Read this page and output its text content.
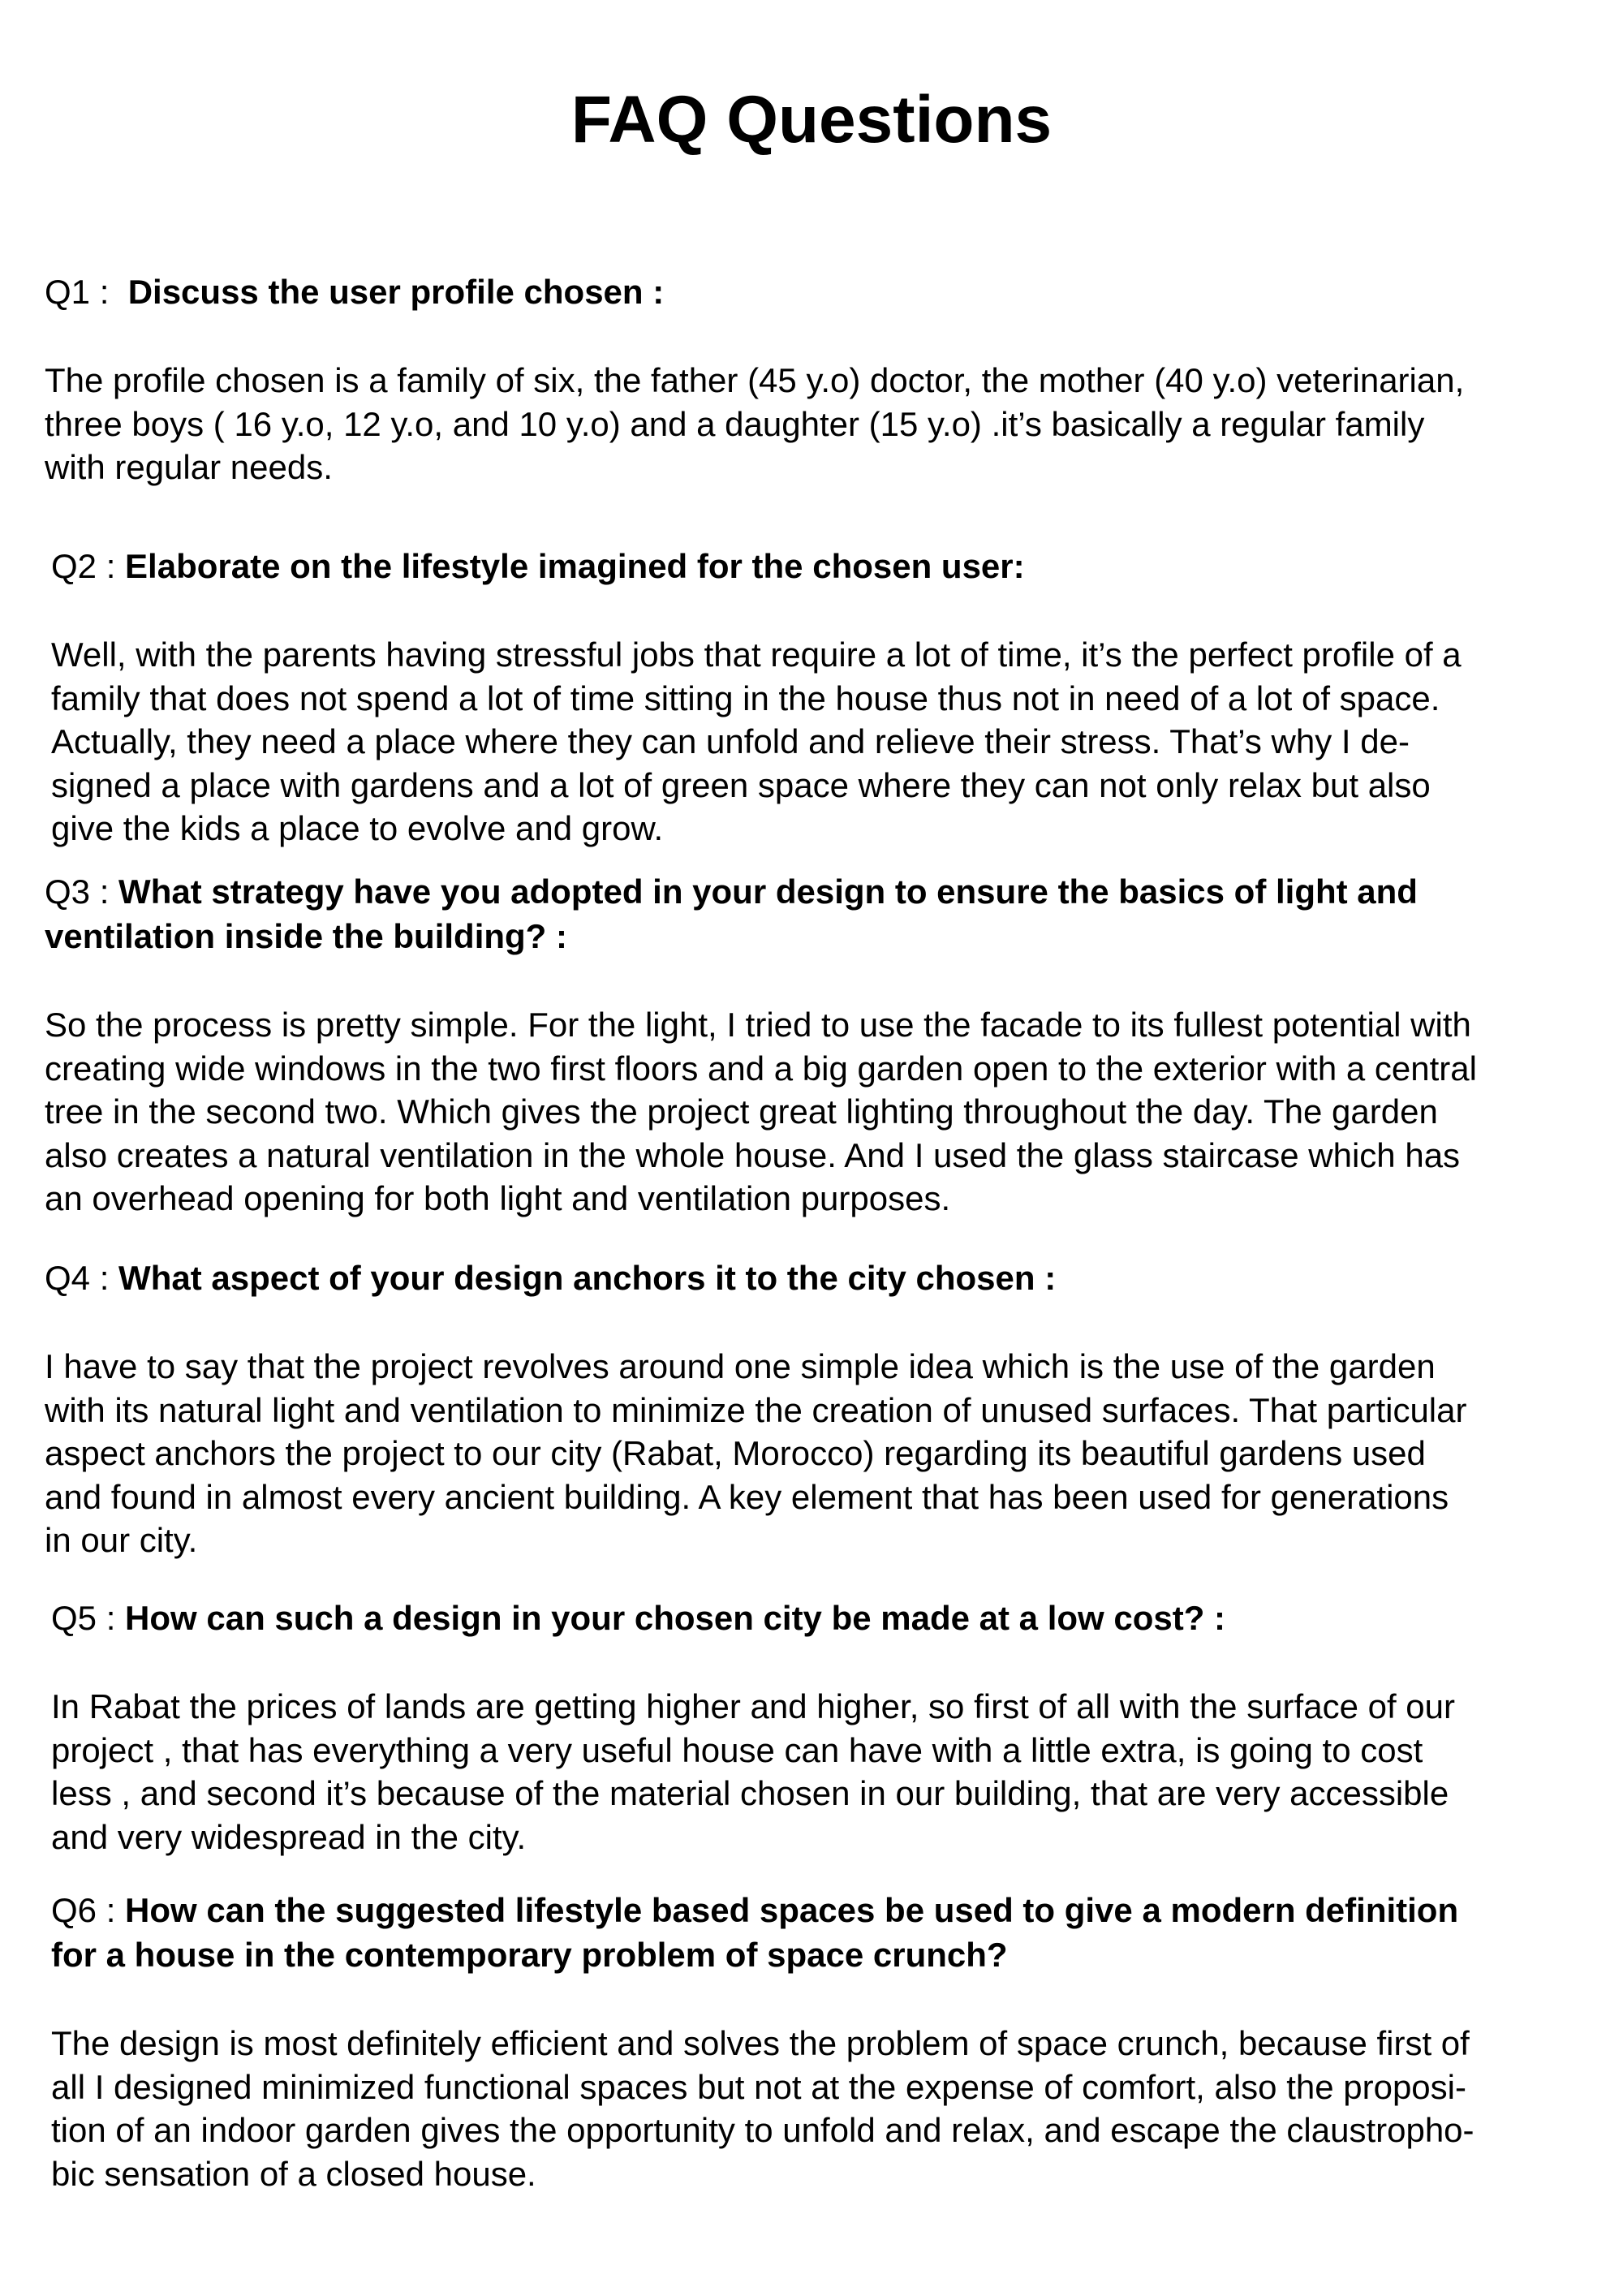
FAQ Questions

Q1 :  Discuss the user profile chosen :

The profile chosen is a family of six, the father (45 y.o) doctor, the mother (40 y.o) veterinarian,
three boys ( 16 y.o, 12 y.o, and 10 y.o) and a daughter (15 y.o) .it’s basically a regular family
with regular needs.

Q2 : Elaborate on the lifestyle imagined for the chosen user:

Well, with the parents having stressful jobs that require a lot of time, it’s the perfect profile of a
family that does not spend a lot of time sitting in the house thus not in need of a lot of space.
Actually, they need a place where they can unfold and relieve their stress. That’s why I de-
signed a place with gardens and a lot of green space where they can not only relax but also
give the kids a place to evolve and grow.

Q3 : What strategy have you adopted in your design to ensure the basics of light and
ventilation inside the building? :

So the process is pretty simple. For the light, I tried to use the facade to its fullest potential with
creating wide windows in the two first floors and a big garden open to the exterior with a central
tree in the second two. Which gives the project great lighting throughout the day. The garden
also creates a natural ventilation in the whole house. And I used the glass staircase which has
an overhead opening for both light and ventilation purposes.

Q4 : What aspect of your design anchors it to the city chosen :

I have to say that the project revolves around one simple idea which is the use of the garden
with its natural light and ventilation to minimize the creation of unused surfaces. That particular
aspect anchors the project to our city (Rabat, Morocco) regarding its beautiful gardens used
and found in almost every ancient building. A key element that has been used for generations
in our city.

Q5 : How can such a design in your chosen city be made at a low cost? :

In Rabat the prices of lands are getting higher and higher, so first of all with the surface of our
project , that has everything a very useful house can have with a little extra, is going to cost
less , and second it’s because of the material chosen in our building, that are very accessible
and very widespread in the city.

Q6 : How can the suggested lifestyle based spaces be used to give a modern definition
for a house in the contemporary problem of space crunch?

The design is most definitely efficient and solves the problem of space crunch, because first of
all I designed minimized functional spaces but not at the expense of comfort, also the proposi-
tion of an indoor garden gives the opportunity to unfold and relax, and escape the claustropho-
bic sensation of a closed house.
